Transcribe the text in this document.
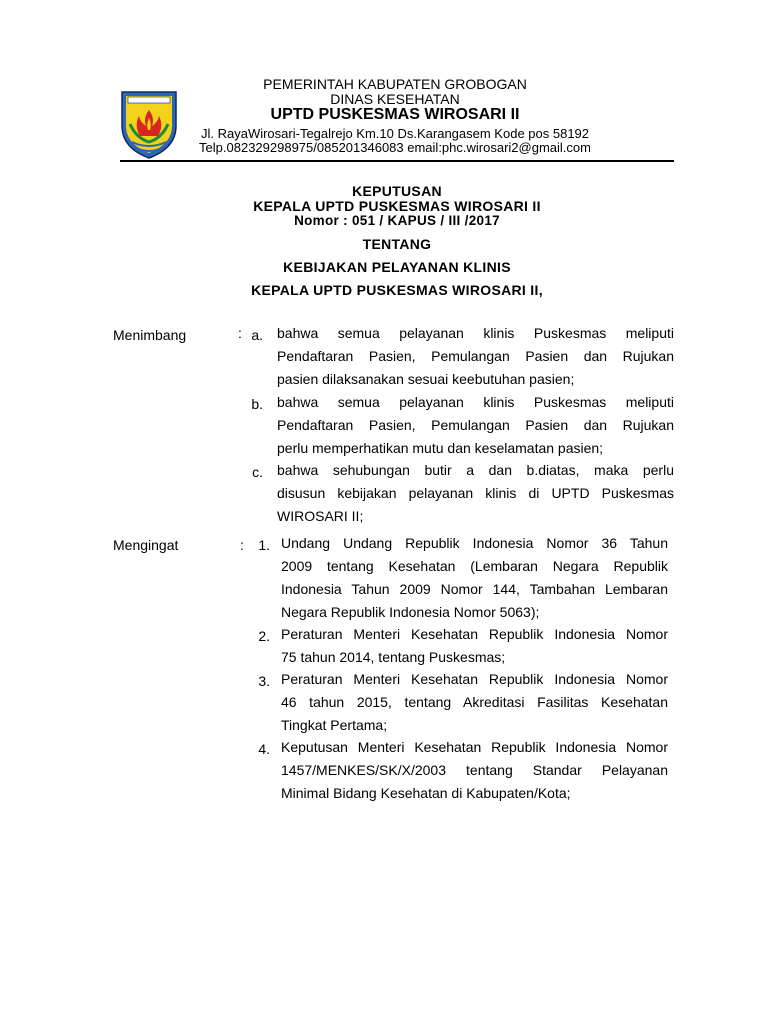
PEMERINTAH KABUPATEN GROBOGAN
DINAS KESEHATAN
UPTD PUSKESMAS WIROSARI II
Jl. RayaWirosari-Tegalrejo Km.10 Ds.Karangasem Kode pos 58192
Telp.082329298975/085201346083 email:phc.wirosari2@gmail.com
KEPUTUSAN
KEPALA UPTD PUSKESMAS WIROSARI II
Nomor : 051 / KAPUS / III /2017
TENTANG
KEBIJAKAN PELAYANAN KLINIS
KEPALA UPTD PUSKESMAS WIROSARI II,
Menimbang	: a. bahwa semua pelayanan klinis Puskesmas meliputi
Pendaftaran Pasien, Pemulangan Pasien dan Rujukan
pasien dilaksanakan sesuai keebutuhan pasien;
b. bahwa semua pelayanan klinis Puskesmas meliputi
Pendaftaran Pasien, Pemulangan Pasien dan Rujukan
perlu memperhatikan mutu dan keselamatan pasien;
c. bahwa sehubungan butir a dan b.diatas, maka perlu
disusun kebijakan pelayanan klinis di UPTD Puskesmas
WIROSARI II;
Mengingat	:	1. Undang Undang Republik Indonesia Nomor 36 Tahun
2009 tentang Kesehatan (Lembaran Negara Republik
Indonesia Tahun 2009 Nomor 144, Tambahan Lembaran
Negara Republik Indonesia Nomor 5063);
2. Peraturan Menteri Kesehatan Republik Indonesia Nomor
75 tahun 2014, tentang Puskesmas;
3. Peraturan Menteri Kesehatan Republik Indonesia Nomor
46 tahun 2015, tentang Akreditasi Fasilitas Kesehatan
Tingkat Pertama;
4. Keputusan Menteri Kesehatan Republik Indonesia Nomor
1457/MENKES/SK/X/2003 tentang Standar Pelayanan
Minimal Bidang Kesehatan di Kabupaten/Kota;
